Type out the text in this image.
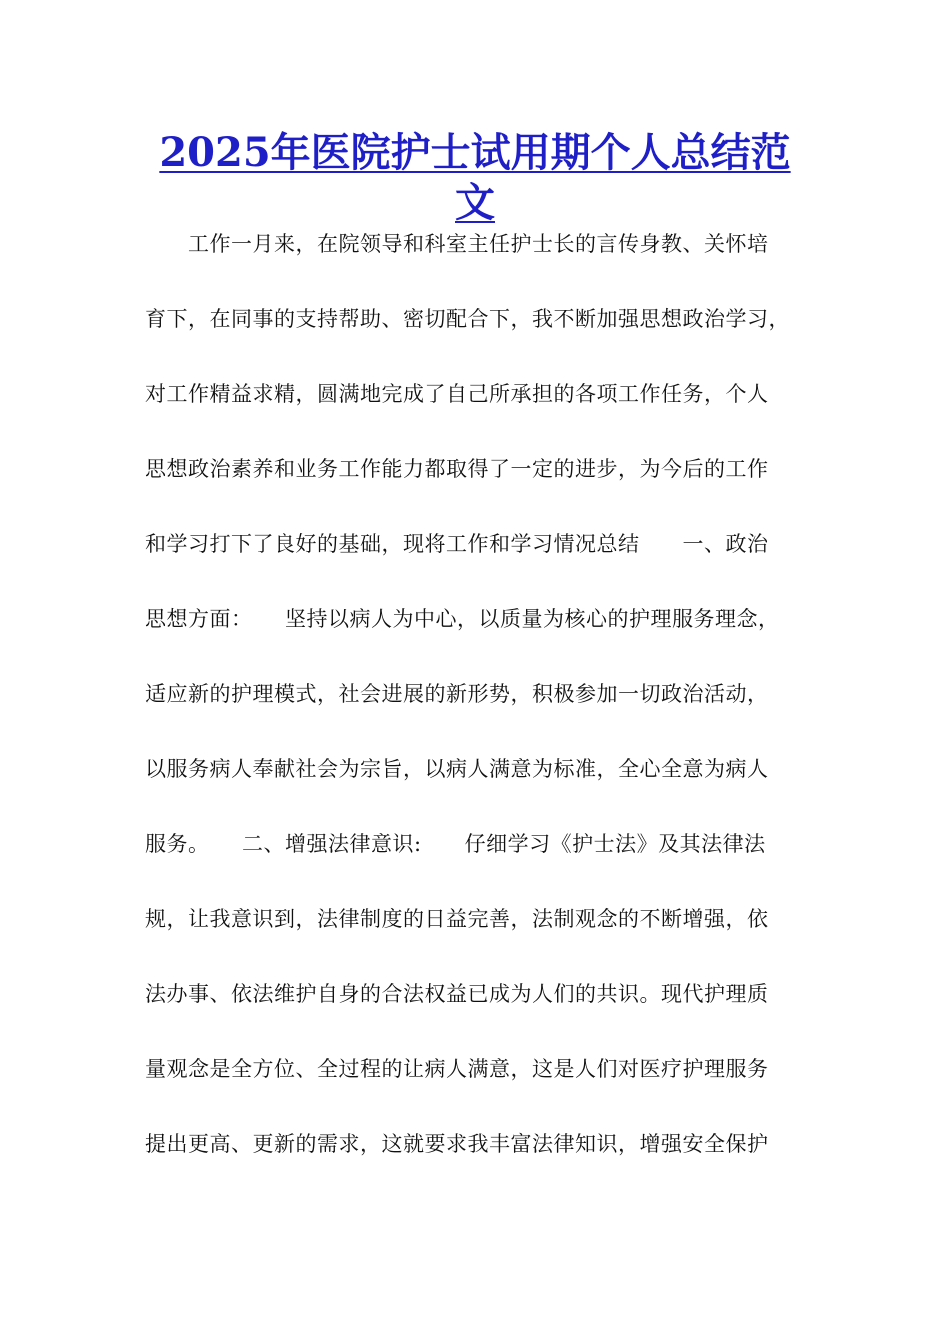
2025年医院护士试用期个人总结范
文
　　工作一月来，在院领导和科室主任护士长的言传身教、关怀培
育下，在同事的支持帮助、密切配合下，我不断加强思想政治学习，
对工作精益求精，圆满地完成了自己所承担的各项工作任务，个人
思想政治素养和业务工作能力都取得了一定的进步，为今后的工作
和学习打下了良好的基础，现将工作和学习情况总结　　一、政治
思想方面：　　坚持以病人为中心，以质量为核心的护理服务理念，
适应新的护理模式，社会进展的新形势，积极参加一切政治活动，
以服务病人奉献社会为宗旨，以病人满意为标准，全心全意为病人
服务。　　二、增强法律意识:　　仔细学习《护士法》及其法律法
规，让我意识到，法律制度的日益完善，法制观念的不断增强，依
法办事、依法维护自身的合法权益已成为人们的共识。现代护理质
量观念是全方位、全过程的让病人满意，这是人们对医疗护理服务
提出更高、更新的需求，这就要求我丰富法律知识，增强安全保护
